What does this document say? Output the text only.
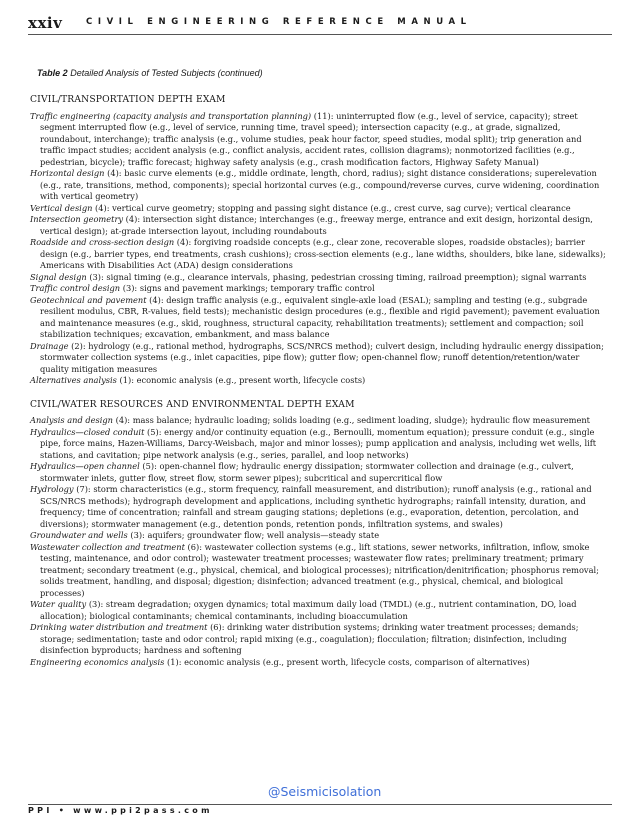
xxiv	CIVIL ENGINEERING REFERENCE MANUAL
Table 2 Detailed Analysis of Tested Subjects (continued)
CIVIL/TRANSPORTATION DEPTH EXAM

Traffic engineering (capacity analysis and transportation planning) (11): uninterrupted flow (e.g., level of service, capacity); street segment interrupted flow (e.g., level of service, running time, travel speed); intersection capacity (e.g., at grade, signalized, roundabout, interchange); traffic analysis (e.g., volume studies, peak hour factor, speed studies, modal split); trip generation and traffic impact studies; accident analysis (e.g., conflict analysis, accident rates, collision diagrams); nonmotorized facilities (e.g., pedestrian, bicycle); traffic forecast; highway safety analysis (e.g., crash modification factors, Highway Safety Manual)

Horizontal design (4): basic curve elements (e.g., middle ordinate, length, chord, radius); sight distance considerations; superelevation (e.g., rate, transitions, method, components); special horizontal curves (e.g., compound/reverse curves, curve widening, coordination with vertical geometry)

Vertical design (4): vertical curve geometry; stopping and passing sight distance (e.g., crest curve, sag curve); vertical clearance

Intersection geometry (4): intersection sight distance; interchanges (e.g., freeway merge, entrance and exit design, horizontal design, vertical design); at-grade intersection layout, including roundabouts

Roadside and cross-section design (4): forgiving roadside concepts (e.g., clear zone, recoverable slopes, roadside obstacles); barrier design (e.g., barrier types, end treatments, crash cushions); cross-section elements (e.g., lane widths, shoulders, bike lane, sidewalks); Americans with Disabilities Act (ADA) design considerations

Signal design (3): signal timing (e.g., clearance intervals, phasing, pedestrian crossing timing, railroad preemption); signal warrants

Traffic control design (3): signs and pavement markings; temporary traffic control

Geotechnical and pavement (4): design traffic analysis (e.g., equivalent single-axle load (ESAL); sampling and testing (e.g., subgrade resilient modulus, CBR, R-values, field tests); mechanistic design procedures (e.g., flexible and rigid pavement); pavement evaluation and maintenance measures (e.g., skid, roughness, structural capacity, rehabilitation treatments); settlement and compaction; soil stabilization techniques; excavation, embankment, and mass balance

Drainage (2): hydrology (e.g., rational method, hydrographs, SCS/NRCS method); culvert design, including hydraulic energy dissipation; stormwater collection systems (e.g., inlet capacities, pipe flow); gutter flow; open-channel flow; runoff detention/retention/water quality mitigation measures

Alternatives analysis (1): economic analysis (e.g., present worth, lifecycle costs)

CIVIL/WATER RESOURCES AND ENVIRONMENTAL DEPTH EXAM

Analysis and design (4): mass balance; hydraulic loading; solids loading (e.g., sediment loading, sludge); hydraulic flow measurement

Hydraulics—closed conduit (5): energy and/or continuity equation (e.g., Bernoulli, momentum equation); pressure conduit (e.g., single pipe, force mains, Hazen-Williams, Darcy-Weisbach, major and minor losses); pump application and analysis, including wet wells, lift stations, and cavitation; pipe network analysis (e.g., series, parallel, and loop networks)

Hydraulics—open channel (5): open-channel flow; hydraulic energy dissipation; stormwater collection and drainage (e.g., culvert, stormwater inlets, gutter flow, street flow, storm sewer pipes); subcritical and supercritical flow

Hydrology (7): storm characteristics (e.g., storm frequency, rainfall measurement, and distribution); runoff analysis (e.g., rational and SCS/NRCS methods); hydrograph development and applications, including synthetic hydrographs; rainfall intensity, duration, and frequency; time of concentration; rainfall and stream gauging stations; depletions (e.g., evaporation, detention, percolation, and diversions); stormwater management (e.g., detention ponds, retention ponds, infiltration systems, and swales)

Groundwater and wells (3): aquifers; groundwater flow; well analysis—steady state

Wastewater collection and treatment (6): wastewater collection systems (e.g., lift stations, sewer networks, infiltration, inflow, smoke testing, maintenance, and odor control); wastewater treatment processes; wastewater flow rates; preliminary treatment; primary treatment; secondary treatment (e.g., physical, chemical, and biological processes); nitrification/denitrification; phosphorus removal; solids treatment, handling, and disposal; digestion; disinfection; advanced treatment (e.g., physical, chemical, and biological processes)

Water quality (3): stream degradation; oxygen dynamics; total maximum daily load (TMDL) (e.g., nutrient contamination, DO, load allocation); biological contaminants; chemical contaminants, including bioaccumulation

Drinking water distribution and treatment (6): drinking water distribution systems; drinking water treatment processes; demands; storage; sedimentation; taste and odor control; rapid mixing (e.g., coagulation); flocculation; filtration; disinfection, including disinfection byproducts; hardness and softening

Engineering economics analysis (1): economic analysis (e.g., present worth, lifecycle costs, comparison of alternatives)

@Seismicisolation
PPI • www.ppi2pass.com
